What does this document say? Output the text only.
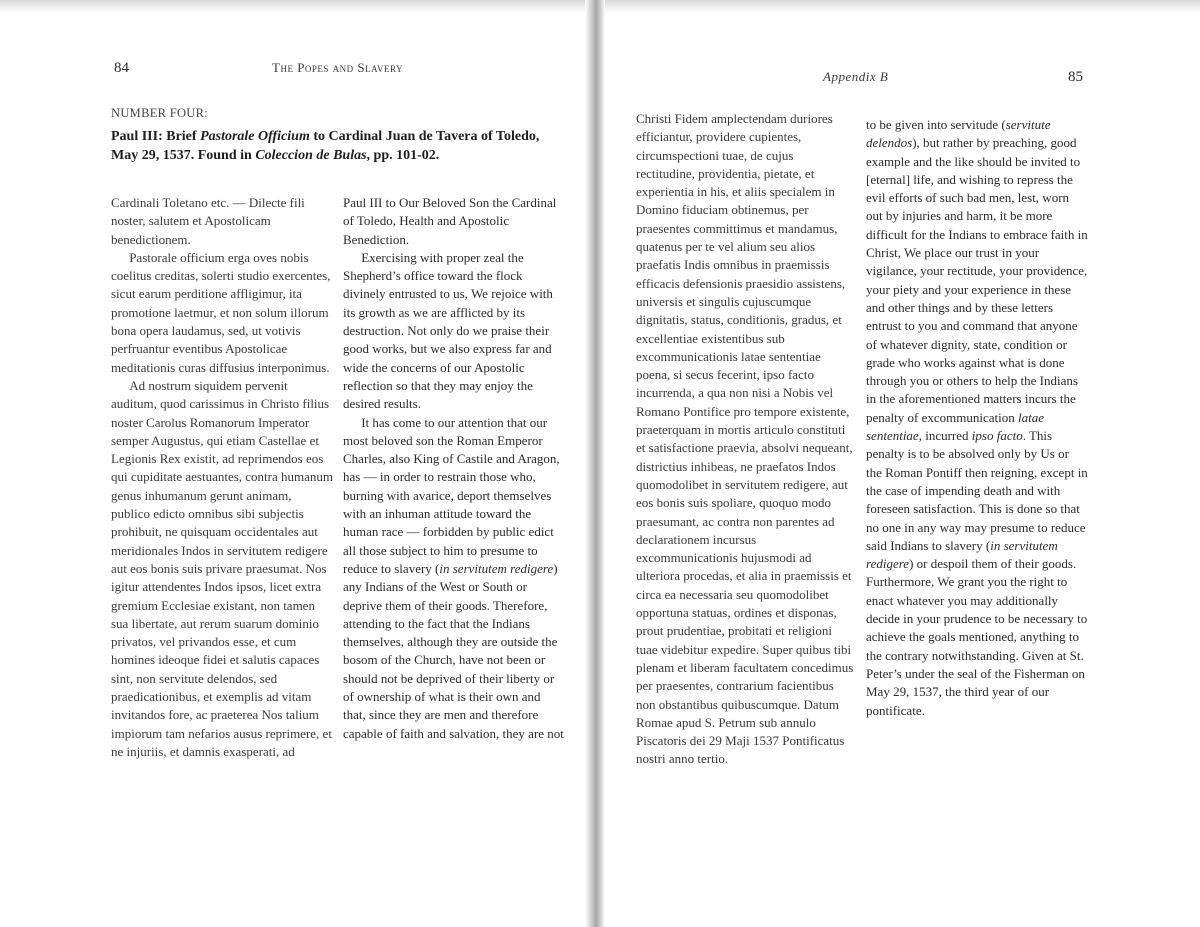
84	The Popes and Slavery
NUMBER FOUR:
Paul III: Brief Pastorale Officium to Cardinal Juan de Tavera of Toledo, May 29, 1537. Found in Coleccion de Bulas, pp. 101-02.

Cardinali Toletano etc. — Dilecte fili noster, salutem et Apostolicam benedictionem.

Pastorale officium erga oves nobis coelitus creditas, solerti studio exercentes, sicut earum perditione affligimur, ita promotione laetmur, et non solum illorum bona opera laudamus, sed, ut votivis perfruantur eventibus Apostolicae meditationis curas diffusius interponimus.

Ad nostrum siquidem pervenit auditum, quod carissimus in Christo filius noster Carolus Romanorum Imperator semper Augustus, qui etiam Castellae et Legionis Rex existit, ad reprimendos eos qui cupiditate aestuantes, contra humanum genus inhumanum gerunt animam, publico edicto omnibus sibi subjectis prohibuit, ne quisquam occidentales aut meridionales Indos in servitutem redigere aut eos bonis suis privare praesumat. Nos igitur attendentes Indos ipsos, licet extra gremium Ecclesiae existant, non tamen sua libertate, aut rerum suarum dominio privatos, vel privandos esse, et cum homines ideoque fidei et salutis capaces sint, non servitute delendos, sed praedicationibus, et exemplis ad vitam invitandos fore, ac praeterea Nos talium impiorum tam nefarios ausus reprimere, et ne injuriis, et damnis exasperati, ad

Paul III to Our Beloved Son the Cardinal of Toledo, Health and Apostolic Benediction.

Exercising with proper zeal the Shepherd’s office toward the flock divinely entrusted to us, We rejoice with its growth as we are afflicted by its destruction. Not only do we praise their good works, but we also express far and wide the concerns of our Apostolic reflection so that they may enjoy the desired results.

It has come to our attention that our most beloved son the Roman Emperor Charles, also King of Castile and Aragon, has — in order to restrain those who, burning with avarice, deport themselves with an inhuman attitude toward the human race — forbidden by public edict all those subject to him to presume to reduce to slavery (in servitutem redigere) any Indians of the West or South or deprive them of their goods. Therefore, attending to the fact that the Indians themselves, although they are outside the bosom of the Church, have not been or should not be deprived of their liberty or of ownership of what is their own and that, since they are men and therefore capable of faith and salvation, they are not

Appendix B	85

Christi Fidem amplectendam duriores efficiantur, providere cupientes, circumspectioni tuae, de cujus rectitudine, providentia, pietate, et experientia in his, et aliis specialem in Domino fiduciam obtinemus, per praesentes committimus et mandamus, quatenus per te vel alium seu alios praefatis Indis omnibus in praemissis efficacis defensionis praesidio assistens, universis et singulis cujuscumque dignitatis, status, conditionis, gradus, et excellentiae existentibus sub excommunicationis latae sententiae poena, si secus fecerint, ipso facto incurrenda, a qua non nisi a Nobis vel Romano Pontifice pro tempore existente, praeterquam in mortis articulo constituti et satisfactione praevia, absolvi nequeant, districtius inhibeas, ne praefatos Indos quomodolibet in servitutem redigere, aut eos bonis suis spoliare, quoquo modo praesumant, ac contra non parentes ad declarationem incursus excommunicationis hujusmodi ad ulteriora procedas, et alia in praemissis et circa ea necessaria seu quomodolibet opportuna statuas, ordines et disponas, prout prudentiae, probitati et religioni tuae videbitur expedire. Super quibus tibi plenam et liberam facultatem concedimus per praesentes, contrarium facientibus non obstantibus quibuscumque. Datum Romae apud S. Petrum sub annulo Piscatoris dei 29 Maji 1537 Pontificatus nostri anno tertio.

to be given into servitude (servitute delendos), but rather by preaching, good example and the like should be invited to [eternal] life, and wishing to repress the evil efforts of such bad men, lest, worn out by injuries and harm, it be more difficult for the Indians to embrace faith in Christ, We place our trust in your vigilance, your rectitude, your providence, your piety and your experience in these and other things and by these letters entrust to you and command that anyone of whatever dignity, state, condition or grade who works against what is done through you or others to help the Indians in the aforementioned matters incurs the penalty of excommunication latae sententiae, incurred ipso facto. This penalty is to be absolved only by Us or the Roman Pontiff then reigning, except in the case of impending death and with foreseen satisfaction. This is done so that no one in any way may presume to reduce said Indians to slavery (in servitutem redigere) or despoil them of their goods. Furthermore, We grant you the right to enact whatever you may additionally decide in your prudence to be necessary to achieve the goals mentioned, anything to the contrary notwithstanding. Given at St. Peter’s under the seal of the Fisherman on May 29, 1537, the third year of our pontificate.
